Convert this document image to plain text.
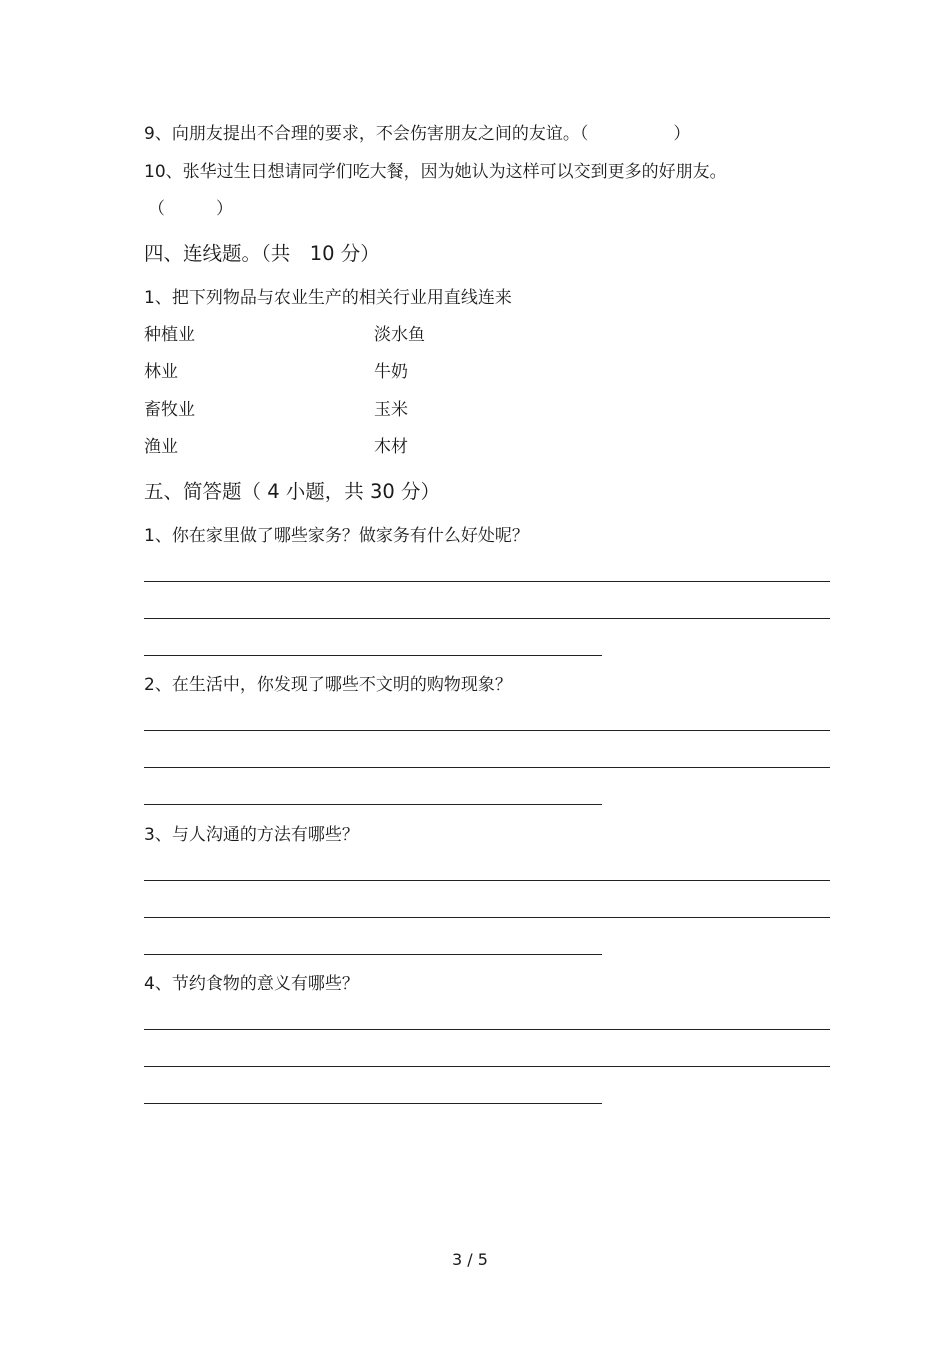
9、向朋友提出不合理的要求，不会伤害朋友之间的友谊。（　　　　　）
10、张华过生日想请同学们吃大餐，因为她认为这样可以交到更多的好朋友。
（　　　）
四、连线题。（共　10 分）
1、把下列物品与农业生产的相关行业用直线连来
种植业	淡水鱼
林业	牛奶
畜牧业	玉米
渔业	木材
五、简答题（ 4 小题，共 30 分）
1、你在家里做了哪些家务？做家务有什么好处呢？
2、在生活中，你发现了哪些不文明的购物现象？
3、与人沟通的方法有哪些？
4、节约食物的意义有哪些？
3 / 5
